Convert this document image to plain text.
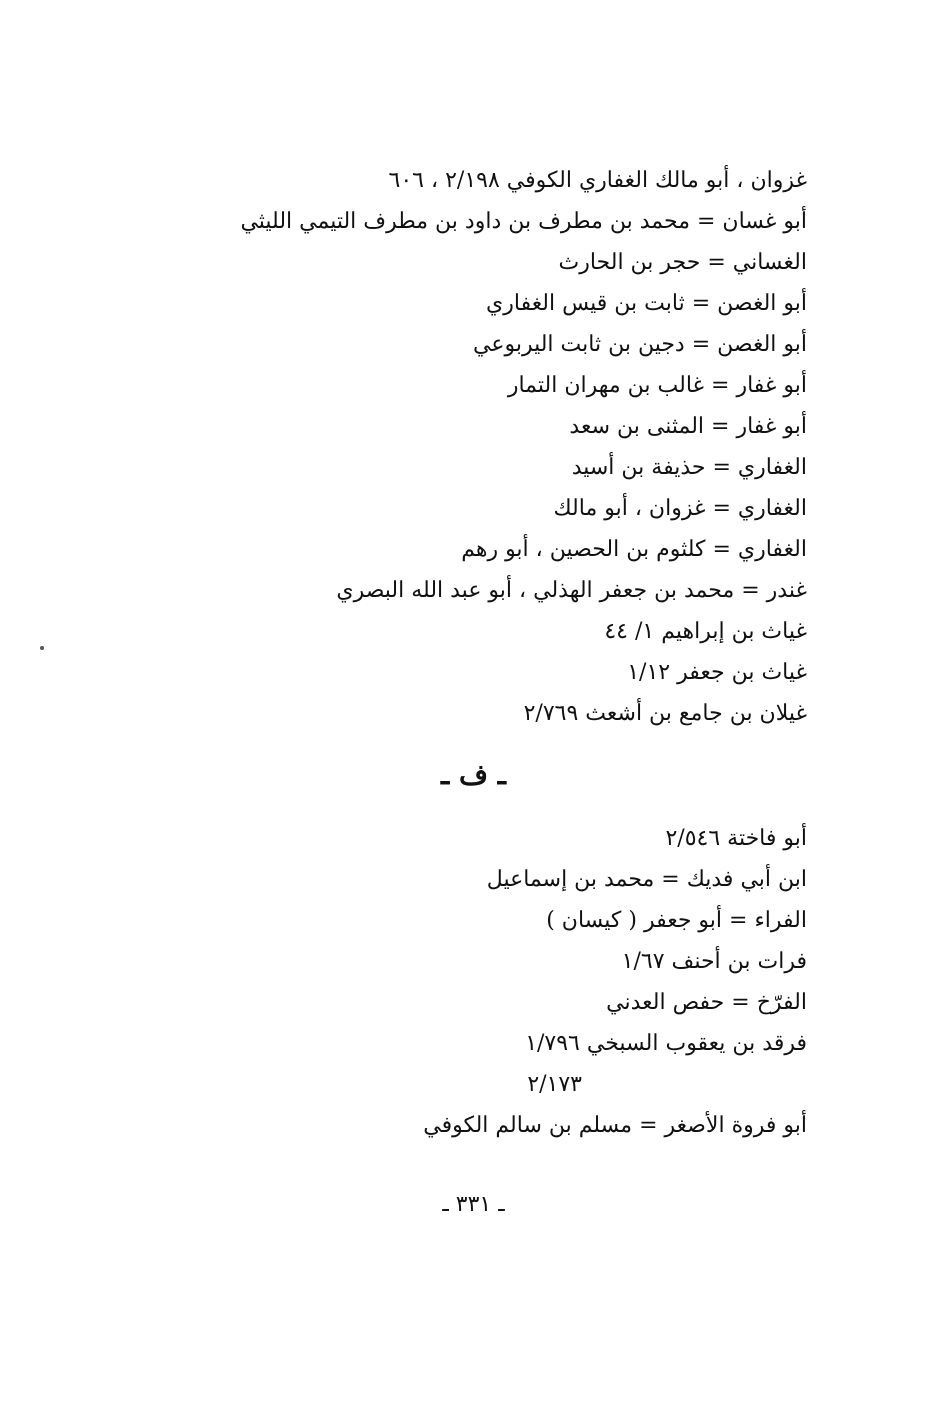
غزوان ، أبو مالك الغفاري الكوفي ٢/١٩٨ ، ٦٠٦

أبو غسان = محمد بن مطرف بن داود بن مطرف التيمي الليثي

الغساني = حجر بن الحارث

أبو الغصن = ثابت بن قيس الغفاري

أبو الغصن = دجين بن ثابت اليربوعي

أبو غفار = غالب بن مهران التمار

أبو غفار = المثنى بن سعد

الغفاري = حذيفة بن أسيد

الغفاري = غزوان ، أبو مالك

الغفاري = كلثوم بن الحصين ، أبو رهم

غندر = محمد بن جعفر الهذلي ، أبو عبد الله البصري

غياث بن إبراهيم ١/ ٤٤

غياث بن جعفر ١/١٢

غيلان بن جامع بن أشعث ٢/٧٦٩

ـ ف ـ

أبو فاختة ٢/٥٤٦

ابن أبي فديك = محمد بن إسماعيل

الفراء = أبو جعفر ( كيسان )

فرات بن أحنف ١/٦٧

الفرّخ = حفص العدني

فرقد بن يعقوب السبخي ١/٧٩٦

٢/١٧٣

أبو فروة الأصغر = مسلم بن سالم الكوفي

ـ ٣٣١ ـ
